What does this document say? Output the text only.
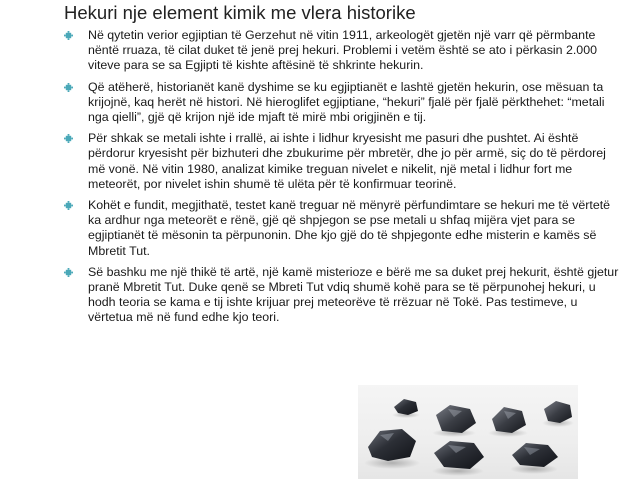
Hekuri nje element kimik me vlera historike
Në qytetin verior egjiptian të Gerzehut në vitin 1911, arkeologët gjetën një varr që përmbante nëntë rruaza, të cilat duket të jenë prej hekuri. Problemi i vetëm është se ato i përkasin 2.000 viteve para se sa Egjipti të kishte aftësinë të shkrinte hekurin.
Që atëherë, historianët kanë dyshime se ku egjiptianët e lashtë gjetën hekurin, ose mësuan ta krijojnë, kaq herët në histori. Në hieroglifet egjiptiane, “hekuri” fjalë për fjalë përkthehet: “metali nga qielli”, gjë që krijon një ide mjaft të mirë mbi origjinën e tij.
Për shkak se metali ishte i rrallë, ai ishte i lidhur kryesisht me pasuri dhe pushtet. Ai është përdorur kryesisht për bizhuteri dhe zbukurime për mbretër, dhe jo për armë, siç do të përdorej më vonë. Në vitin 1980, analizat kimike treguan nivelet e nikelit, një metal i lidhur fort me meteorët, por nivelet ishin shumë të ulëta për të konfirmuar teorinë.
Kohët e fundit, megjithatë, testet kanë treguar në mënyrë përfundimtare se hekuri me të vërtetë ka ardhur nga meteorët e rënë, gjë që shpjegon se pse metali u shfaq mijëra vjet para se egjiptianët të mësonin ta përpunonin. Dhe kjo gjë do të shpjegonte edhe misterin e kamës së Mbretit Tut.
Së bashku me një thikë të artë, një kamë misterioze e bërë me sa duket prej hekurit, është gjetur pranë Mbretit Tut. Duke qenë se Mbreti Tut vdiq shumë kohë para se të përpunohej hekuri, u hodh teoria se kama e tij ishte krijuar prej meteorëve të rrëzuar në Tokë. Pas testimeve, u vërtetua më në fund edhe kjo teori.
